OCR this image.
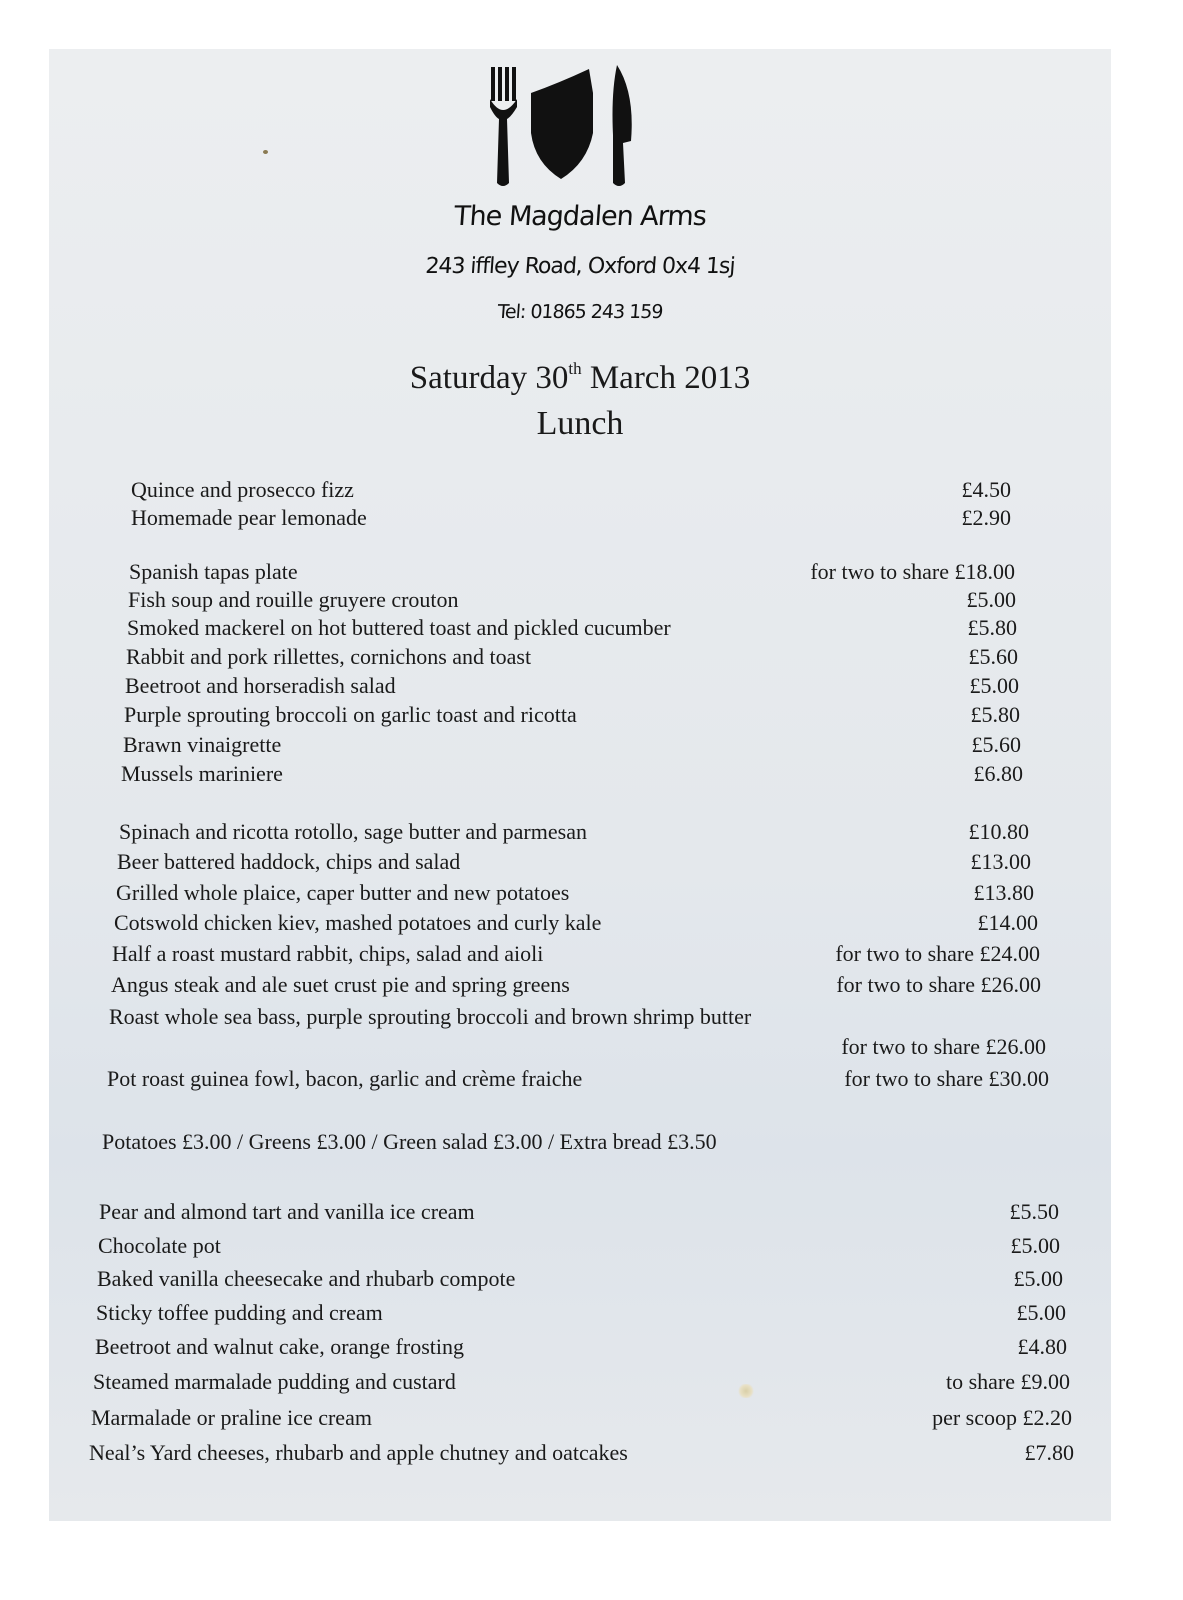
The Magdalen Arms
243 iffley Road, Oxford 0x4 1sj
Tel: 01865 243 159
Saturday 30th March 2013
Lunch
Quince and prosecco fizz	£4.50
Homemade pear lemonade	£2.90
Spanish tapas plate	for two to share £18.00
Fish soup and rouille gruyere crouton	£5.00
Smoked mackerel on hot buttered toast and pickled cucumber	£5.80
Rabbit and pork rillettes, cornichons and toast	£5.60
Beetroot and horseradish salad	£5.00
Purple sprouting broccoli on garlic toast and ricotta	£5.80
Brawn vinaigrette	£5.60
Mussels mariniere	£6.80
Spinach and ricotta rotollo, sage butter and parmesan	£10.80
Beer battered haddock, chips and salad	£13.00
Grilled whole plaice, caper butter and new potatoes	£13.80
Cotswold chicken kiev, mashed potatoes and curly kale	£14.00
Half a roast mustard rabbit, chips, salad and aioli	for two to share £24.00
Angus steak and ale suet crust pie and spring greens	for two to share £26.00
Roast whole sea bass, purple sprouting broccoli and brown shrimp butter
for two to share £26.00
Pot roast guinea fowl, bacon, garlic and crème fraiche	for two to share £30.00
Potatoes £3.00 / Greens £3.00 / Green salad £3.00 / Extra bread £3.50
Pear and almond tart and vanilla ice cream	£5.50
Chocolate pot	£5.00
Baked vanilla cheesecake and rhubarb compote	£5.00
Sticky toffee pudding and cream	£5.00
Beetroot and walnut cake, orange frosting	£4.80
Steamed marmalade pudding and custard	to share £9.00
Marmalade or praline ice cream	per scoop £2.20
Neal’s Yard cheeses, rhubarb and apple chutney and oatcakes	£7.80
